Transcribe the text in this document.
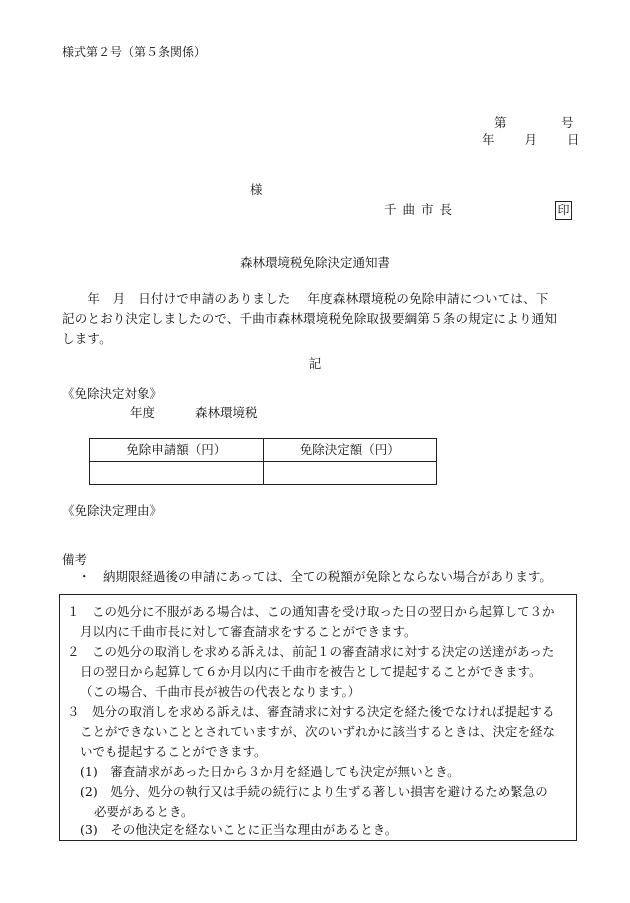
様式第２号（第５条関係）
第	号
年 月 日
様
千曲市長	印
森林環境税免除決定通知書
　　年　月　日付けで申請のありました　 年度森林環境税の免除申請については、下
記のとおり決定しましたので、千曲市森林環境税免除取扱要綱第５条の規定により通知
します。
記
《免除決定対象》
年度	森林環境税
免除申請額（円）	免除決定額（円）

《免除決定理由》
備考
・　納期限経過後の申請にあっては、全ての税額が免除とならない場合があります。
１　この処分に不服がある場合は、この通知書を受け取った日の翌日から起算して３か
月以内に千曲市長に対して審査請求をすることができます。
２　この処分の取消しを求める訴えは、前記１の審査請求に対する決定の送達があった
日の翌日から起算して６か月以内に千曲市を被告として提起することができます。
（この場合、千曲市長が被告の代表となります。）
３　処分の取消しを求める訴えは、審査請求に対する決定を経た後でなければ提起する
ことができないこととされていますが、次のいずれかに該当するときは、決定を経な
いでも提起することができます。
(1)　審査請求があった日から３か月を経過しても決定が無いとき。
(2)　処分、処分の執行又は手続の続行により生ずる著しい損害を避けるため緊急の
必要があるとき。
(3)　その他決定を経ないことに正当な理由があるとき。
